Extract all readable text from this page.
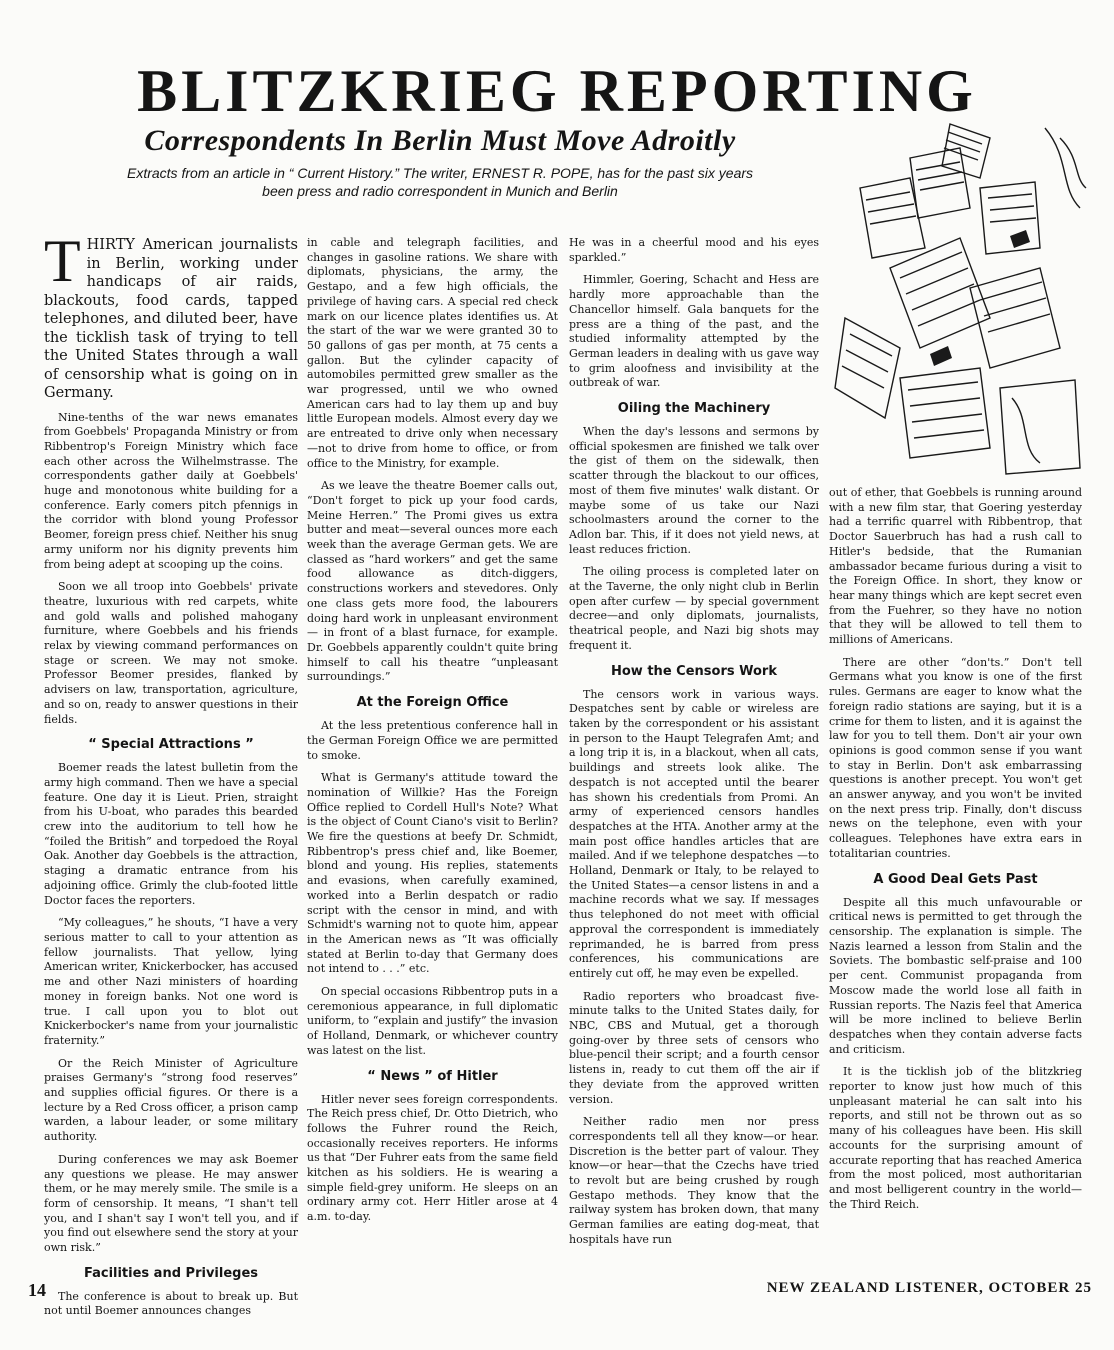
BLITZKRIEG REPORTING
Correspondents In Berlin Must Move Adroitly

Extracts from an article in “ Current History.” The writer, ERNEST R. POPE, has for the past six years been press and radio correspondent in Munich and Berlin

THIRTY American journalists in Berlin, working under handicaps of air raids, blackouts, food cards, tapped telephones, and diluted beer, have the ticklish task of trying to tell the United States through a wall of censorship what is going on in Germany.

Nine-tenths of the war news emanates from Goebbels' Propaganda Ministry or from Ribbentrop's Foreign Ministry which face each other across the Wilhelmstrasse. The correspondents gather daily at Goebbels' huge and monotonous white building for a conference. Early comers pitch pfennigs in the corridor with blond young Professor Beomer, foreign press chief. Neither his snug army uniform nor his dignity prevents him from being adept at scooping up the coins.

Soon we all troop into Goebbels' private theatre, luxurious with red carpets, white and gold walls and polished mahogany furniture, where Goebbels and his friends relax by viewing command performances on stage or screen. We may not smoke. Professor Beomer presides, flanked by advisers on law, transportation, agriculture, and so on, ready to answer questions in their fields.

“ Special Attractions ”

Boemer reads the latest bulletin from the army high command. Then we have a special feature. One day it is Lieut. Prien, straight from his U-boat, who parades this bearded crew into the auditorium to tell how he “foiled the British” and torpedoed the Royal Oak. Another day Goebbels is the attraction, staging a dramatic entrance from his adjoining office. Grimly the club-footed little Doctor faces the reporters.

“My colleagues,” he shouts, “I have a very serious matter to call to your attention as fellow journalists. That yellow, lying American writer, Knickerbocker, has accused me and other Nazi ministers of hoarding money in foreign banks. Not one word is true. I call upon you to blot out Knickerbocker's name from your journalistic fraternity.”

Or the Reich Minister of Agriculture praises Germany's “strong food reserves” and supplies official figures. Or there is a lecture by a Red Cross officer, a prison camp warden, a labour leader, or some military authority.

During conferences we may ask Boemer any questions we please. He may answer them, or he may merely smile. The smile is a form of censorship. It means, “I shan't tell you, and I shan't say I won't tell you, and if you find out elsewhere send the story at your own risk.”

Facilities and Privileges

The conference is about to break up. But not until Boemer announces changes

in cable and telegraph facilities, and changes in gasoline rations. We share with diplomats, physicians, the army, the Gestapo, and a few high officials, the privilege of having cars. A special red check mark on our licence plates identifies us. At the start of the war we were granted 30 to 50 gallons of gas per month, at 75 cents a gallon. But the cylinder capacity of automobiles permitted grew smaller as the war progressed, until we who owned American cars had to lay them up and buy little European models. Almost every day we are entreated to drive only when necessary—not to drive from home to office, or from office to the Ministry, for example.

As we leave the theatre Boemer calls out, “Don't forget to pick up your food cards, Meine Herren.” The Promi gives us extra butter and meat—several ounces more each week than the average German gets. We are classed as “hard workers” and get the same food allowance as ditch-diggers, constructions workers and stevedores. Only one class gets more food, the labourers doing hard work in unpleasant environment — in front of a blast furnace, for example. Dr. Goebbels apparently couldn't quite bring himself to call his theatre “unpleasant surroundings.”

At the Foreign Office

At the less pretentious conference hall in the German Foreign Office we are permitted to smoke.

What is Germany's attitude toward the nomination of Willkie? Has the Foreign Office replied to Cordell Hull's Note? What is the object of Count Ciano's visit to Berlin? We fire the questions at beefy Dr. Schmidt, Ribbentrop's press chief and, like Boemer, blond and young. His replies, statements and evasions, when carefully examined, worked into a Berlin despatch or radio script with the censor in mind, and with Schmidt's warning not to quote him, appear in the American news as “It was officially stated at Berlin to-day that Germany does not intend to . . .” etc.

On special occasions Ribbentrop puts in a ceremonious appearance, in full diplomatic uniform, to “explain and justify” the invasion of Holland, Denmark, or whichever country was latest on the list.

“ News ” of Hitler

Hitler never sees foreign correspondents. The Reich press chief, Dr. Otto Dietrich, who follows the Fuhrer round the Reich, occasionally receives reporters. He informs us that “Der Fuhrer eats from the same field kitchen as his soldiers. He is wearing a simple field-grey uniform. He sleeps on an ordinary army cot. Herr Hitler arose at 4 a.m. to-day.

He was in a cheerful mood and his eyes sparkled.”

Himmler, Goering, Schacht and Hess are hardly more approachable than the Chancellor himself. Gala banquets for the press are a thing of the past, and the studied informality attempted by the German leaders in dealing with us gave way to grim aloofness and invisibility at the outbreak of war.

Oiling the Machinery

When the day's lessons and sermons by official spokesmen are finished we talk over the gist of them on the sidewalk, then scatter through the blackout to our offices, most of them five minutes' walk distant. Or maybe some of us take our Nazi schoolmasters around the corner to the Adlon bar. This, if it does not yield news, at least reduces friction.

The oiling process is completed later on at the Taverne, the only night club in Berlin open after curfew — by special government decree—and only diplomats, journalists, theatrical people, and Nazi big shots may frequent it.

How the Censors Work

The censors work in various ways. Despatches sent by cable or wireless are taken by the correspondent or his assistant in person to the Haupt Telegrafen Amt; and a long trip it is, in a blackout, when all cats, buildings and streets look alike. The despatch is not accepted until the bearer has shown his credentials from Promi. An army of experienced censors handles despatches at the HTA. Another army at the main post office handles articles that are mailed. And if we telephone despatches —to Holland, Denmark or Italy, to be relayed to the United States—a censor listens in and a machine records what we say. If messages thus telephoned do not meet with official approval the correspondent is immediately reprimanded, he is barred from press conferences, his communications are entirely cut off, he may even be expelled.

Radio reporters who broadcast five-minute talks to the United States daily, for NBC, CBS and Mutual, get a thorough going-over by three sets of censors who blue-pencil their script; and a fourth censor listens in, ready to cut them off the air if they deviate from the approved written version.

Neither radio men nor press correspondents tell all they know—or hear. Discretion is the better part of valour. They know—or hear—that the Czechs have tried to revolt but are being crushed by rough Gestapo methods. They know that the railway system has broken down, that many German families are eating dog-meat, that hospitals have run

out of ether, that Goebbels is running around with a new film star, that Goering yesterday had a terrific quarrel with Ribbentrop, that Doctor Sauerbruch has had a rush call to Hitler's bedside, that the Rumanian ambassador became furious during a visit to the Foreign Office. In short, they know or hear many things which are kept secret even from the Fuehrer, so they have no notion that they will be allowed to tell them to millions of Americans.

There are other “don'ts.” Don't tell Germans what you know is one of the first rules. Germans are eager to know what the foreign radio stations are saying, but it is a crime for them to listen, and it is against the law for you to tell them. Don't air your own opinions is good common sense if you want to stay in Berlin. Don't ask embarrassing questions is another precept. You won't get an answer anyway, and you won't be invited on the next press trip. Finally, don't discuss news on the telephone, even with your colleagues. Telephones have extra ears in totalitarian countries.

A Good Deal Gets Past

Despite all this much unfavourable or critical news is permitted to get through the censorship. The explanation is simple. The Nazis learned a lesson from Stalin and the Soviets. The bombastic self-praise and 100 per cent. Communist propaganda from Moscow made the world lose all faith in Russian reports. The Nazis feel that America will be more inclined to believe Berlin despatches when they contain adverse facts and criticism.

It is the ticklish job of the blitzkrieg reporter to know just how much of this unpleasant material he can salt into his reports, and still not be thrown out as so many of his colleagues have been. His skill accounts for the surprising amount of accurate reporting that has reached America from the most policed, most authoritarian and most belligerent country in the world—the Third Reich.

14	NEW ZEALAND LISTENER, OCTOBER 25
